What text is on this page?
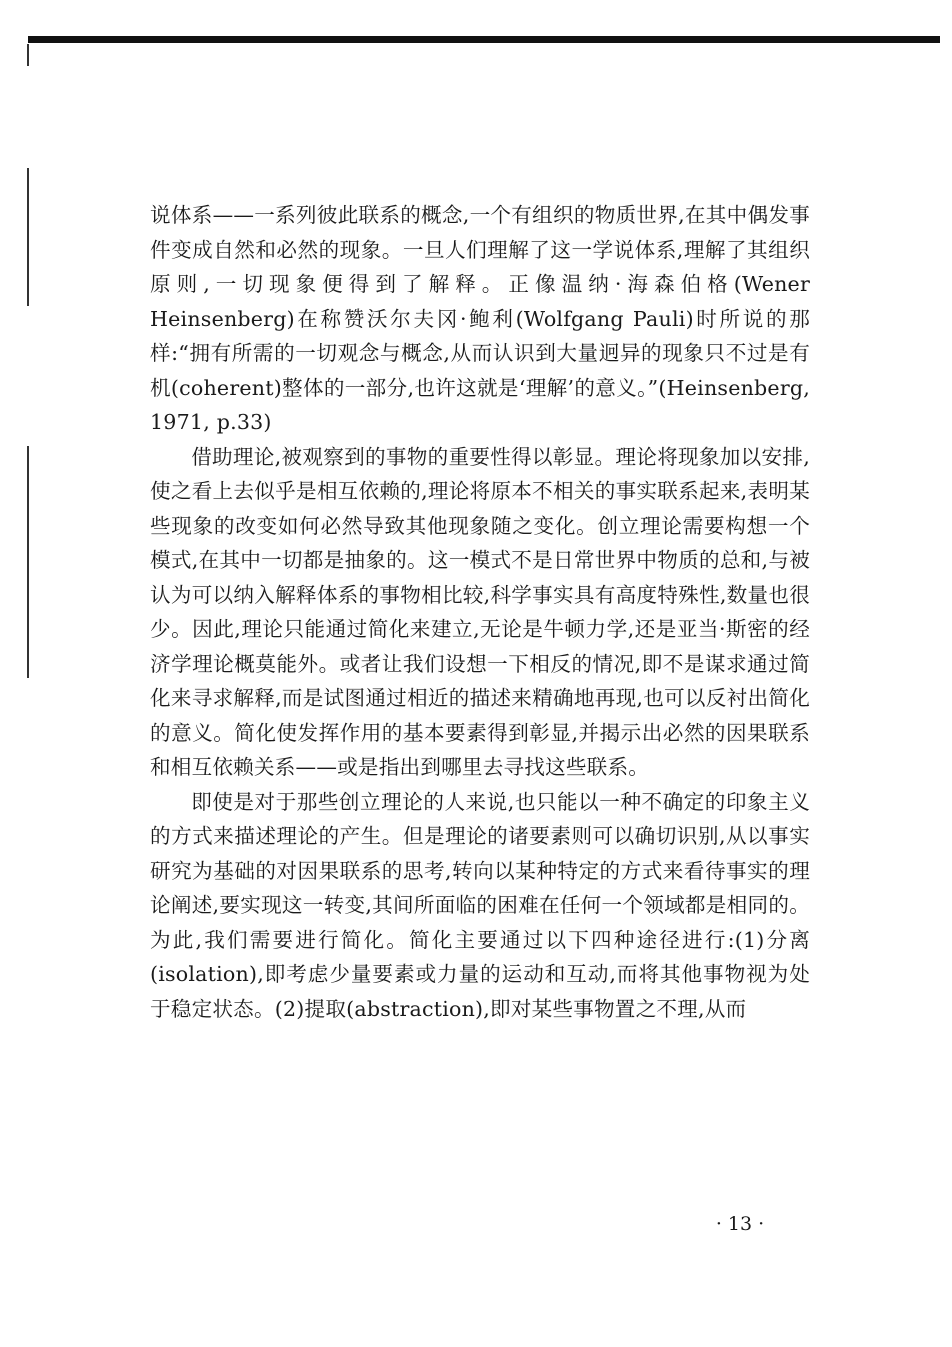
说体系——一系列彼此联系的概念,一个有组织的物质世界,在其中偶发事件变成自然和必然的现象。一旦人们理解了这一学说体系,理解了其组织原则,一切现象便得到了解释。正像温纳·海森伯格(Wener Heinsenberg)在称赞沃尔夫冈·鲍利(Wolfgang Pauli)时所说的那样:“拥有所需的一切观念与概念,从而认识到大量迥异的现象只不过是有机(coherent)整体的一部分,也许这就是‘理解’的意义。”(Heinsenberg, 1971, p.33)

借助理论,被观察到的事物的重要性得以彰显。理论将现象加以安排,使之看上去似乎是相互依赖的,理论将原本不相关的事实联系起来,表明某些现象的改变如何必然导致其他现象随之变化。创立理论需要构想一个模式,在其中一切都是抽象的。这一模式不是日常世界中物质的总和,与被认为可以纳入解释体系的事物相比较,科学事实具有高度特殊性,数量也很少。因此,理论只能通过简化来建立,无论是牛顿力学,还是亚当·斯密的经济学理论概莫能外。或者让我们设想一下相反的情况,即不是谋求通过简化来寻求解释,而是试图通过相近的描述来精确地再现,也可以反衬出简化的意义。简化使发挥作用的基本要素得到彰显,并揭示出必然的因果联系和相互依赖关系——或是指出到哪里去寻找这些联系。

即使是对于那些创立理论的人来说,也只能以一种不确定的印象主义的方式来描述理论的产生。但是理论的诸要素则可以确切识别,从以事实研究为基础的对因果联系的思考,转向以某种特定的方式来看待事实的理论阐述,要实现这一转变,其间所面临的困难在任何一个领域都是相同的。为此,我们需要进行简化。简化主要通过以下四种途径进行:(1)分离(isolation),即考虑少量要素或力量的运动和互动,而将其他事物视为处于稳定状态。(2)提取(abstraction),即对某些事物置之不理,从而

· 13 ·
